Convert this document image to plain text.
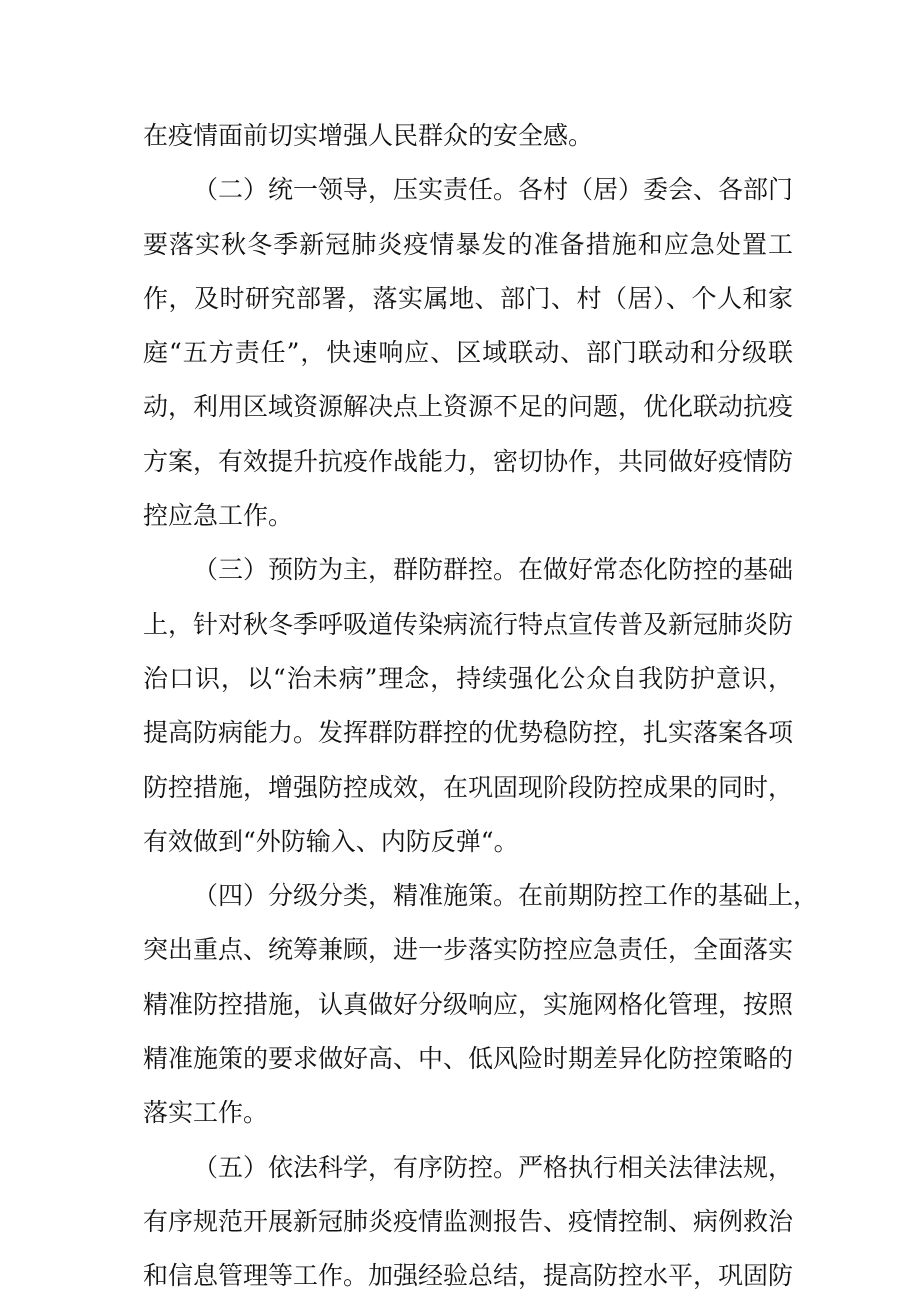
在疫情面前切实增强人民群众的安全感。
（二）统一领导，压实责任。各村（居）委会、各部门
要落实秋冬季新冠肺炎疫情暴发的准备措施和应急处置工
作，及时研究部署，落实属地、部门、村（居）、个人和家
庭“五方责任”，快速响应、区域联动、部门联动和分级联
动，利用区域资源解决点上资源不足的问题，优化联动抗疫
方案，有效提升抗疫作战能力，密切协作，共同做好疫情防
控应急工作。
（三）预防为主，群防群控。在做好常态化防控的基础
上，针对秋冬季呼吸道传染病流行特点宣传普及新冠肺炎防
治口识，以“治未病”理念，持续强化公众自我防护意识，
提高防病能力。发挥群防群控的优势稳防控，扎实落案各项
防控措施，增强防控成效，在巩固现阶段防控成果的同时，
有效做到“外防输入、内防反弹“。
（四）分级分类，精准施策。在前期防控工作的基础上，
突出重点、统筹兼顾，进一步落实防控应急责任，全面落实
精准防控措施，认真做好分级响应，实施网格化管理，按照
精准施策的要求做好高、中、低风险时期差异化防控策略的
落实工作。
（五）依法科学，有序防控。严格执行相关法律法规，
有序规范开展新冠肺炎疫情监测报告、疫情控制、病例救治
和信息管理等工作。加强经验总结，提高防控水平，巩固防
